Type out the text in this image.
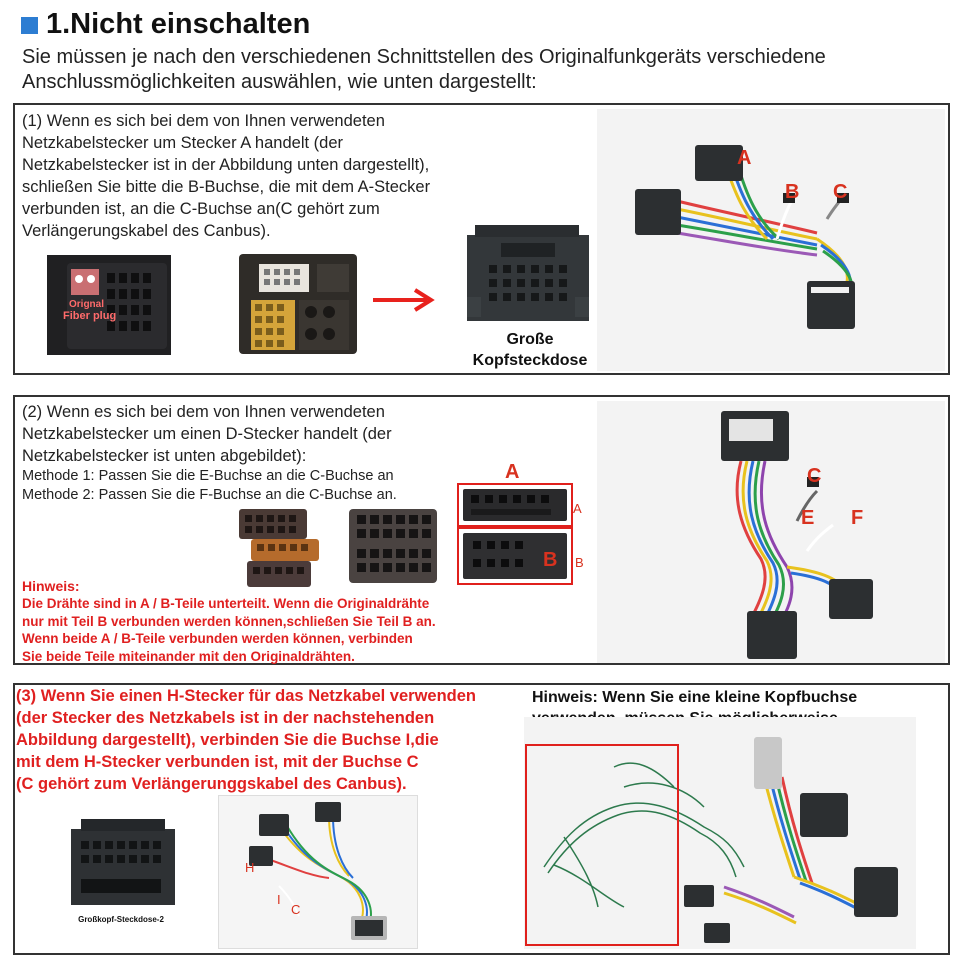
1.Nicht einschalten
Sie müssen je nach den verschiedenen Schnittstellen des Originalfunkgeräts verschiedene Anschlussmöglichkeiten auswählen, wie unten dargestellt:
(1) Wenn es sich bei dem von Ihnen verwendeten Netzkabelstecker um Stecker A handelt (der Netzkabelstecker ist in der Abbildung unten dargestellt), schließen Sie bitte die B-Buchse, die mit dem A-Stecker verbunden ist, an die C-Buchse an(C gehört zum Verlängerungskabel des Canbus).
Orignal
Fiber plug
Große Kopfsteckdose
A
B C
(2) Wenn es sich bei dem von Ihnen verwendeten Netzkabelstecker um einen D-Stecker handelt (der Netzkabelstecker ist unten abgebildet):
Methode 1: Passen Sie die E-Buchse an die C-Buchse an
Methode 2: Passen Sie die F-Buchse an die C-Buchse an.
A
A
B B
Hinweis:
Die Drähte sind in A / B-Teile unterteilt. Wenn die Originaldrähte
nur mit Teil B verbunden werden können,schließen Sie Teil B an.
Wenn beide A / B-Teile verbunden werden können, verbinden
Sie beide Teile miteinander mit den Originaldrähten.
C
E F
(3) Wenn Sie einen H-Stecker für das Netzkabel verwenden
(der Stecker des Netzkabels ist in der nachstehenden
Abbildung dargestellt), verbinden Sie die Buchse I,die
mit dem H-Stecker verbunden ist, mit der Buchse C
(C gehört zum Verlängerunggskabel des Canbus).
Großkopf-Steckdose-2
H
I
C
Hinweis: Wenn Sie eine kleine Kopfbuchse
